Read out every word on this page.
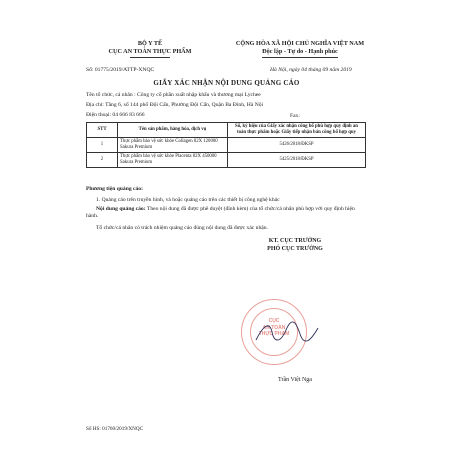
BỘ Y TẾ
CỤC AN TOÀN THỰC PHẨM
CỘNG HÒA XÃ HỘI CHỦ NGHĨA VIỆT NAM
Độc lập - Tự do - Hạnh phúc
Số: 01775/2019/ATTP-XNQC	Hà Nội, ngày 04 tháng 09 năm 2019
GIẤY XÁC NHẬN NỘI DUNG QUẢNG CÁO
Tên tổ chức, cá nhân : Công ty cổ phần xuất nhập khẩu và thương mại Lychee
Địa chỉ: Tầng 6, số 144 phố Đội Cấn, Phường Đội Cấn, Quận Ba Đình, Hà Nội
Điện thoại: 04 666 83 666	Fax:
STT	Tên sản phẩm, hàng hóa, dịch vụ	Số, ký hiệu của Giấy xác nhận công bố phù hợp quy định an toàn thực phẩm hoặc Giấy tiếp nhận bản công bố hợp quy
1	Thực phẩm bảo vệ sức khỏe Collagen 82X 120000 Sakura Premium	5426/2018/ĐKSP
2	Thực phẩm bảo vệ sức khỏe Placenta 82X 450000 Sakura Premium	5425/2018/ĐKSP
Phương tiện quảng cáo:
1. Quảng cáo trên truyền hình, và hoặc quảng cáo trên các thiết bị công nghệ khác
Nội dung quảng cáo: Theo nội dung đã được phê duyệt (đính kèm) của tổ chức/cá nhân phù hợp với quy định hiện hành.
Tổ chức/cá nhân có trách nhiệm quảng cáo đúng nội dung đã được xác nhận.
KT. CỤC TRƯỞNG
PHÓ CỤC TRƯỞNG
CỤC
AN TOÀN
THỰC PHẨM
Trần Việt Nga
Số HS: 01760/2019/XNQC
